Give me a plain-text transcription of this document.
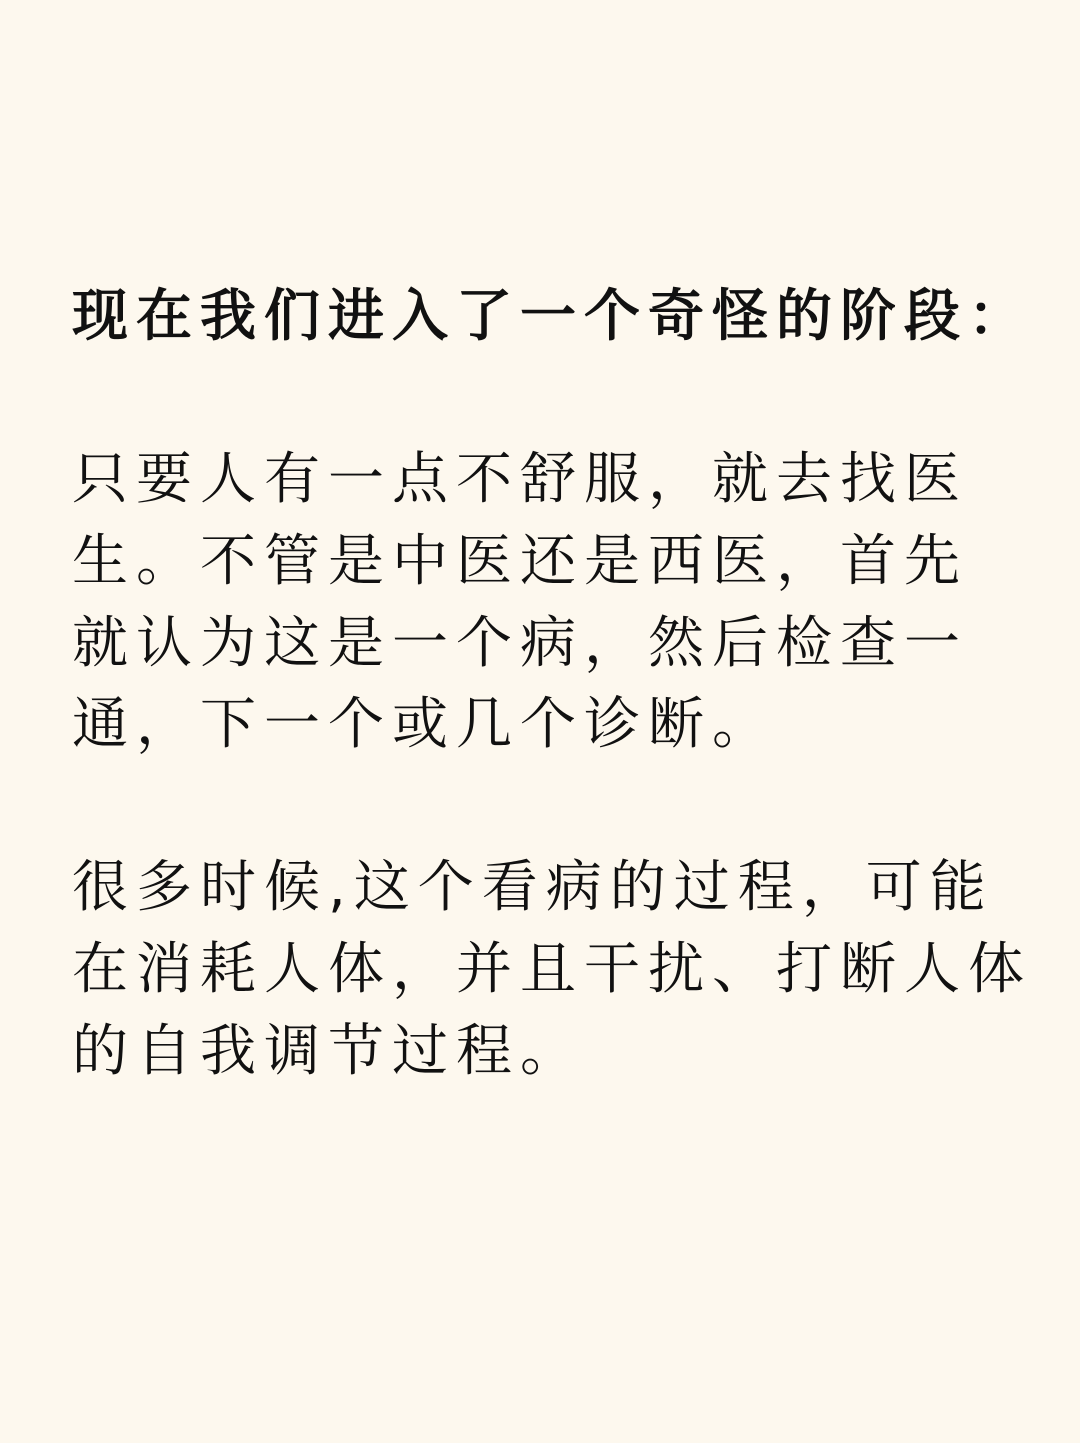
现在我们进入了一个奇怪的阶段：

只要人有一点不舒服，就去找医

生。不管是中医还是西医，首先

就认为这是一个病，然后检查一

通，下一个或几个诊断。

很多时候,这个看病的过程，可能

在消耗人体，并且干扰、打断人体

的自我调节过程。
